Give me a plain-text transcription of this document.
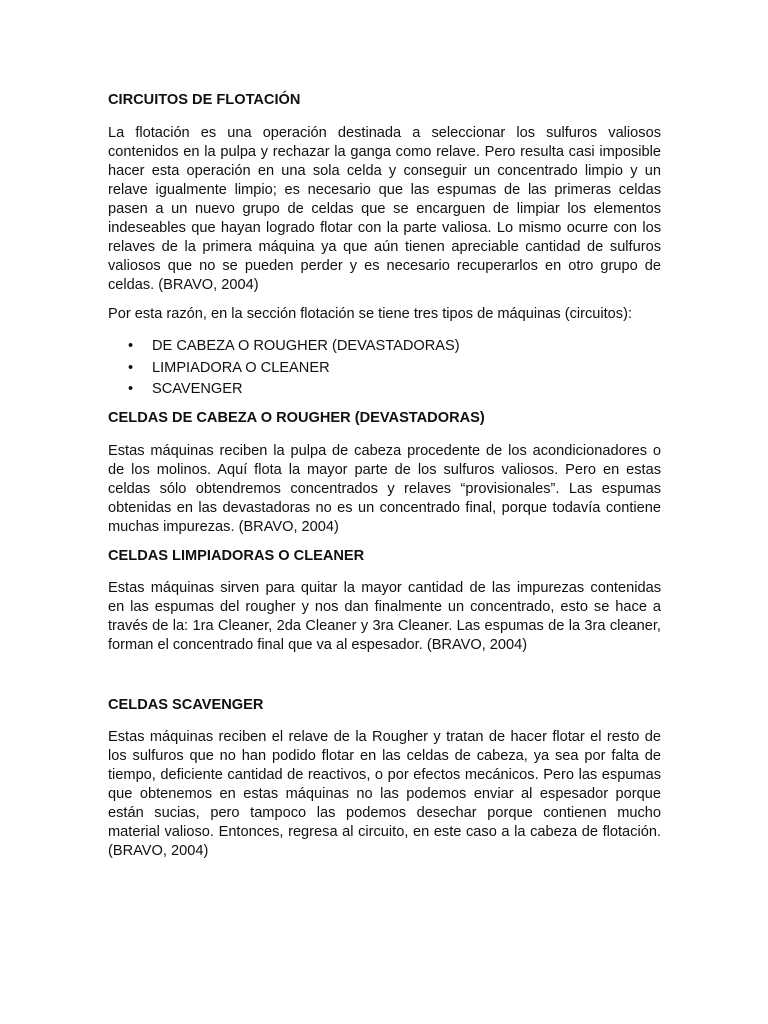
CIRCUITOS DE FLOTACIÓN

La flotación es una operación destinada a seleccionar los sulfuros valiosos

contenidos en la pulpa y rechazar la ganga como relave. Pero resulta casi imposible

hacer esta operación en una sola celda y conseguir un concentrado limpio y un

relave igualmente limpio; es necesario que las espumas de las primeras celdas

pasen a un nuevo grupo de celdas que se encarguen de limpiar los elementos

indeseables que hayan logrado flotar con la parte valiosa. Lo mismo ocurre con los

relaves de la primera máquina ya que aún tienen apreciable cantidad de sulfuros

valiosos que no se pueden perder y es necesario recuperarlos en otro grupo de

celdas. (BRAVO, 2004)

Por esta razón, en la sección flotación se tiene tres tipos de máquinas (circuitos):

• DE CABEZA O ROUGHER (DEVASTADORAS)

• LIMPIADORA O CLEANER

• SCAVENGER

CELDAS DE CABEZA O ROUGHER (DEVASTADORAS)

Estas máquinas reciben la pulpa de cabeza procedente de los acondicionadores o

de los molinos. Aquí flota la mayor parte de los sulfuros valiosos. Pero en estas

celdas sólo obtendremos concentrados y relaves “provisionales”. Las espumas

obtenidas en las devastadoras no es un concentrado final, porque todavía contiene

muchas impurezas. (BRAVO, 2004)

CELDAS LIMPIADORAS O CLEANER

Estas máquinas sirven para quitar la mayor cantidad de las impurezas contenidas

en las espumas del rougher y nos dan finalmente un concentrado, esto se hace a

través de la: 1ra Cleaner, 2da Cleaner y 3ra Cleaner. Las espumas de la 3ra cleaner,

forman el concentrado final que va al espesador. (BRAVO, 2004)

CELDAS SCAVENGER

Estas máquinas reciben el relave de la Rougher y tratan de hacer flotar el resto de

los sulfuros que no han podido flotar en las celdas de cabeza, ya sea por falta de

tiempo, deficiente cantidad de reactivos, o por efectos mecánicos. Pero las espumas

que obtenemos en estas máquinas no las podemos enviar al espesador porque

están sucias, pero tampoco las podemos desechar porque contienen mucho

material valioso. Entonces, regresa al circuito, en este caso a la cabeza de flotación.

(BRAVO, 2004)
